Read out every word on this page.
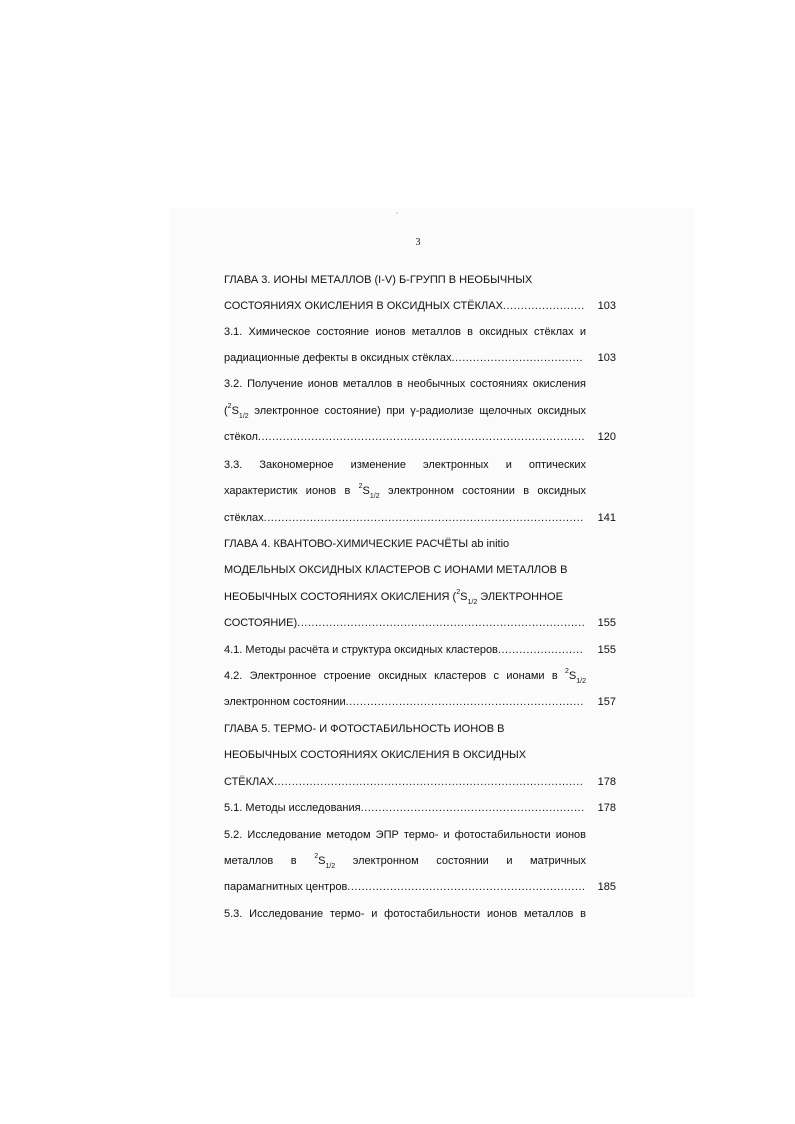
3
ГЛАВА 3. ИОНЫ МЕТАЛЛОВ (I-V) Б-ГРУПП В НЕОБЫЧНЫХ
СОСТОЯНИЯХ ОКИСЛЕНИЯ В ОКСИДНЫХ СТЁКЛАХ .....	103
3.1. Химическое состояние ионов металлов в оксидных стёклах и
радиационные дефекты в оксидных стёклах .....	103
3.2. Получение ионов металлов в необычных состояниях окисления
($^2S_{1/2}$ электронное состояние) при γ-радиолизе щелочных оксидных
стёкол .....	120
3.3. Закономерное изменение электронных и оптических
характеристик ионов в $^2S_{1/2}$ электронном состоянии в оксидных
стёклах .....	141
ГЛАВА 4. КВАНТОВО-ХИМИЧЕСКИЕ РАСЧЁТЫ ab initio
МОДЕЛЬНЫХ ОКСИДНЫХ КЛАСТЕРОВ С ИОНАМИ МЕТАЛЛОВ В
НЕОБЫЧНЫХ СОСТОЯНИЯХ ОКИСЛЕНИЯ ($^2S_{1/2}$ ЭЛЕКТРОННОЕ
СОСТОЯНИЕ) .....	155
4.1. Методы расчёта и структура оксидных кластеров .....	155
4.2. Электронное строение оксидных кластеров с ионами в $^2S_{1/2}$
электронном состоянии .....	157
ГЛАВА 5. ТЕРМО- И ФОТОСТАБИЛЬНОСТЬ ИОНОВ В
НЕОБЫЧНЫХ СОСТОЯНИЯХ ОКИСЛЕНИЯ В ОКСИДНЫХ
СТЁКЛАХ .....	178
5.1. Методы исследования .....	178
5.2. Исследование методом ЭПР термо- и фотостабильности ионов
металлов в $^2S_{1/2}$ электронном состоянии и матричных
парамагнитных центров .....	185
5.3. Исследование термо- и фотостабильности ионов металлов в
